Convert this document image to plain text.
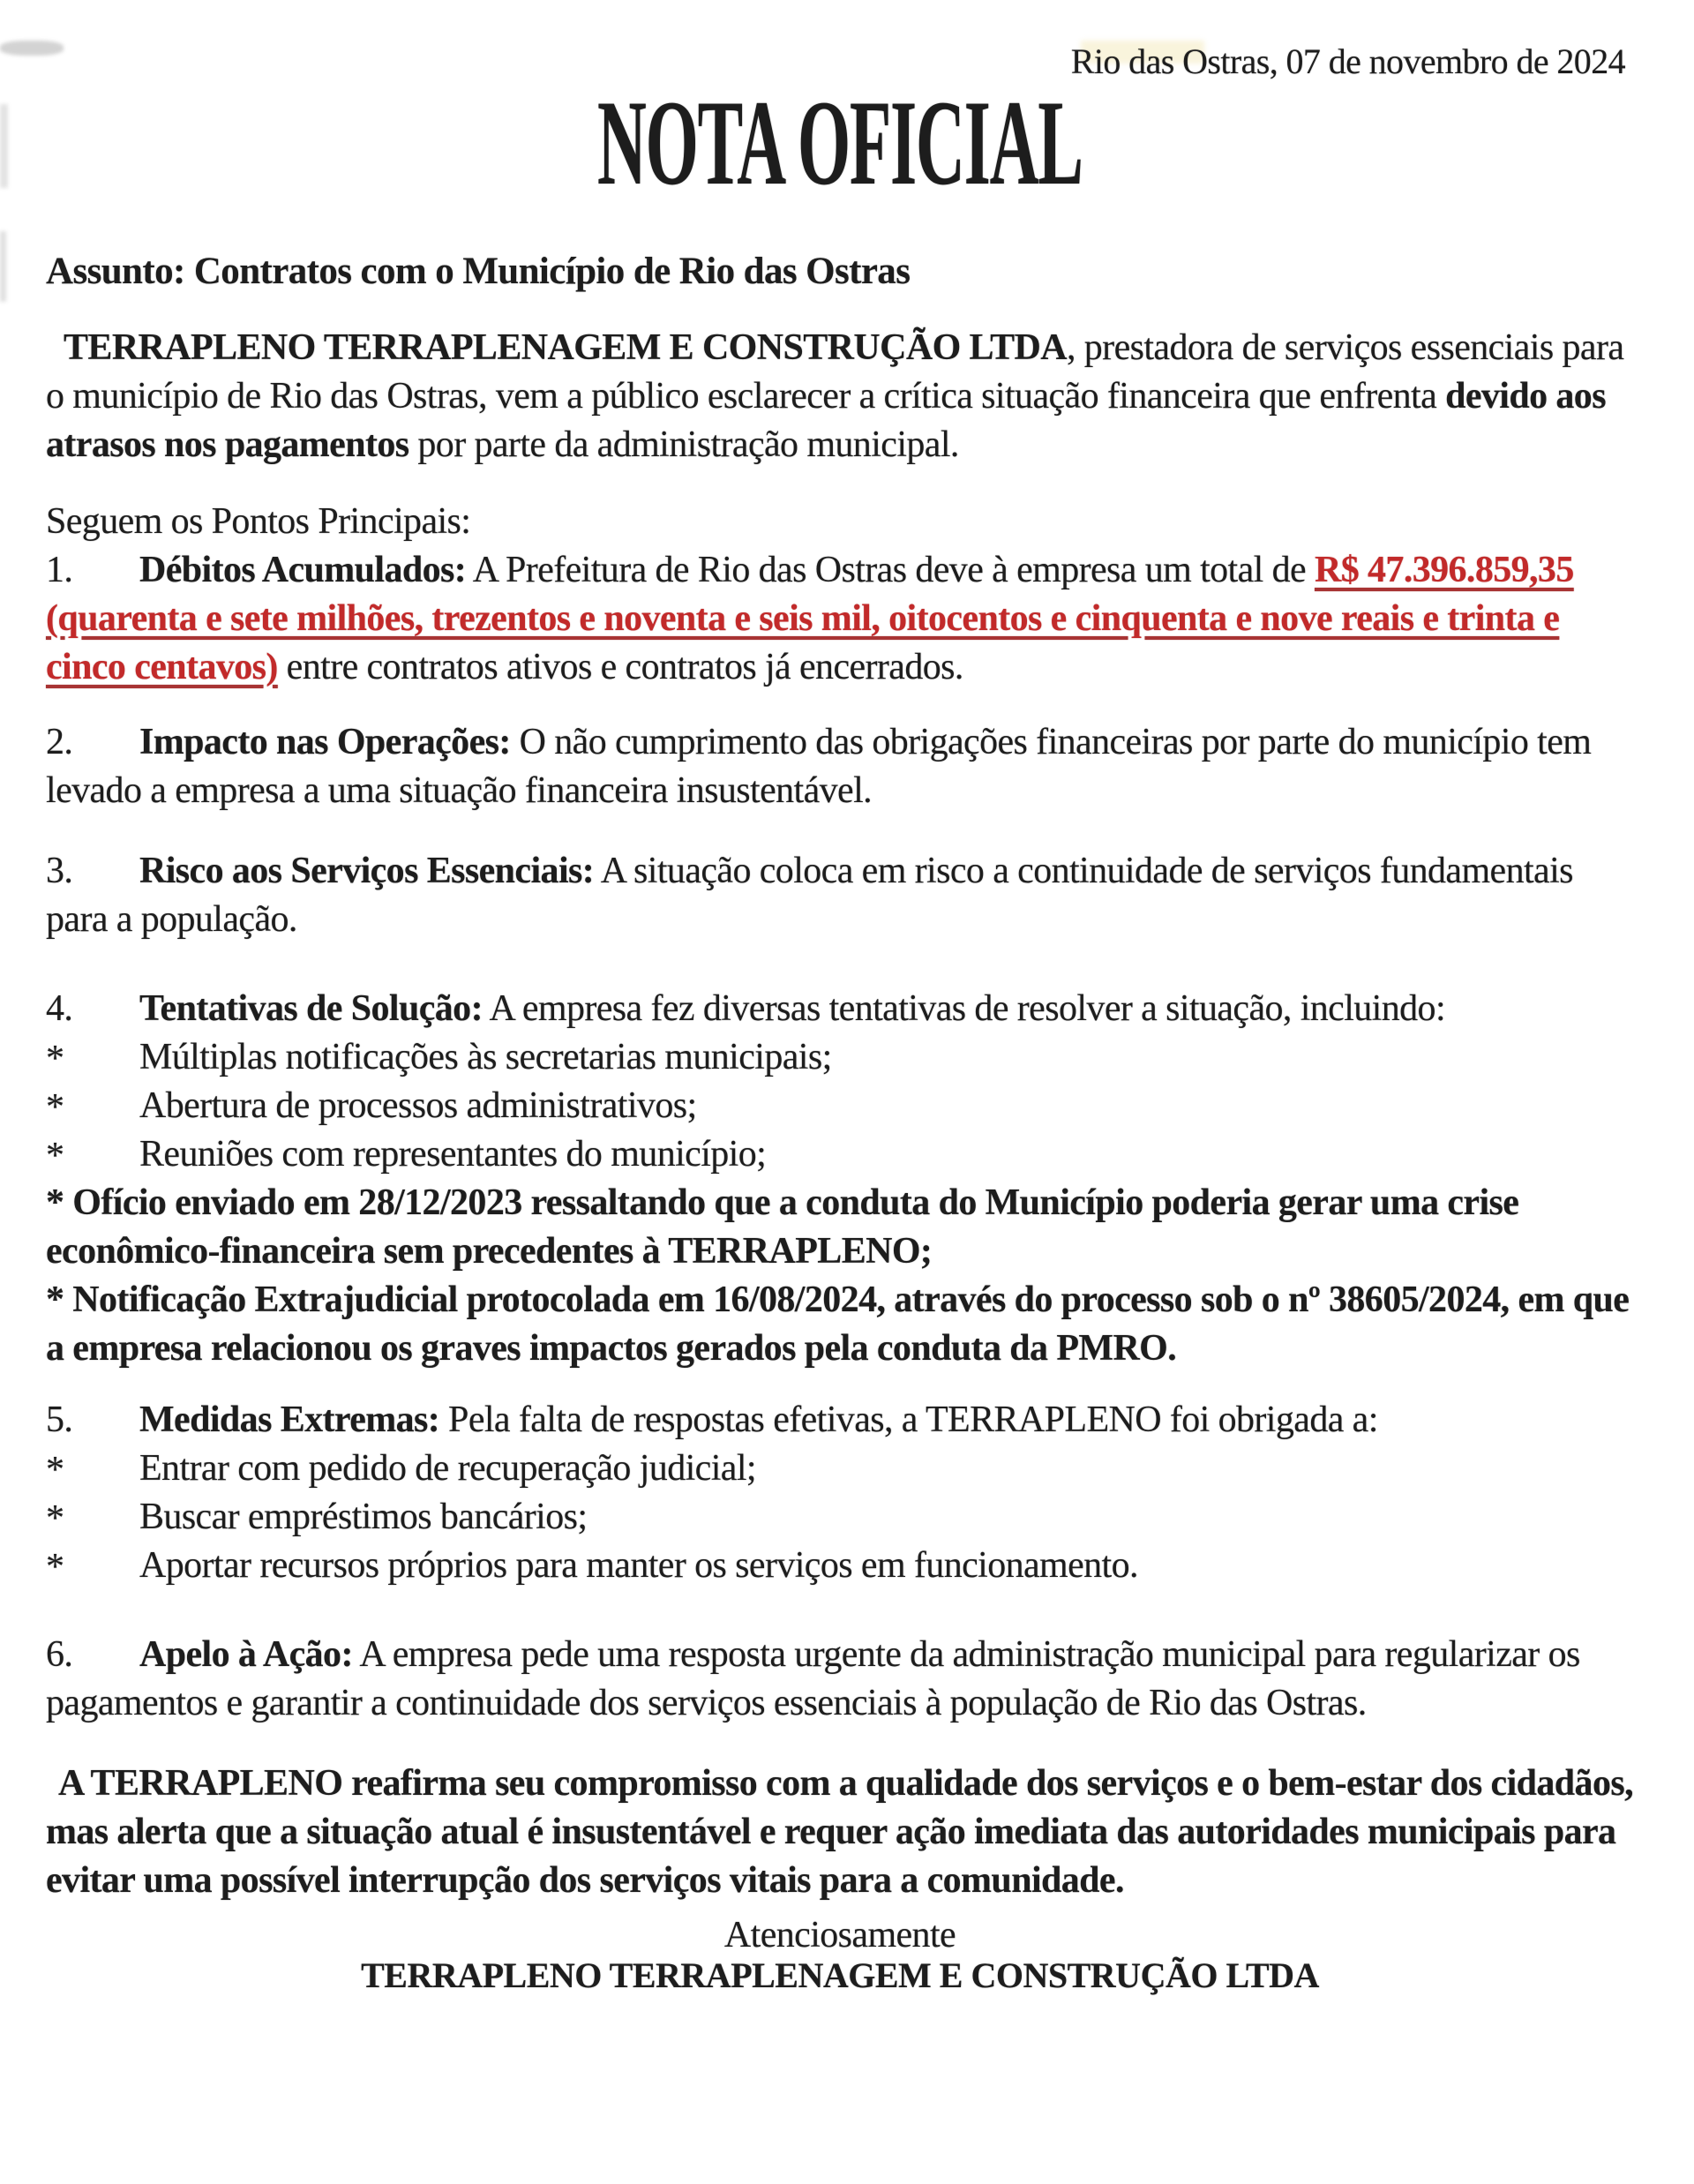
Rio das Ostras, 07 de novembro de 2024
NOTA OFICIAL
Assunto: Contratos com o Município de Rio das Ostras

TERRAPLENO TERRAPLENAGEM E CONSTRUÇÃO LTDA, prestadora de serviços essenciais para o município de Rio das Ostras, vem a público esclarecer a crítica situação financeira que enfrenta devido aos atrasos nos pagamentos por parte da administração municipal.

Seguem os Pontos Principais:
1. Débitos Acumulados: A Prefeitura de Rio das Ostras deve à empresa um total de R$ 47.396.859,35 (quarenta e sete milhões, trezentos e noventa e seis mil, oitocentos e cinquenta e nove reais e trinta e cinco centavos) entre contratos ativos e contratos já encerrados.
2. Impacto nas Operações: O não cumprimento das obrigações financeiras por parte do município tem levado a empresa a uma situação financeira insustentável.
3. Risco aos Serviços Essenciais: A situação coloca em risco a continuidade de serviços fundamentais para a população.
4. Tentativas de Solução: A empresa fez diversas tentativas de resolver a situação, incluindo:
* Múltiplas notificações às secretarias municipais;
* Abertura de processos administrativos;
* Reuniões com representantes do município;
* Ofício enviado em 28/12/2023 ressaltando que a conduta do Município poderia gerar uma crise econômico-financeira sem precedentes à TERRAPLENO;
* Notificação Extrajudicial protocolada em 16/08/2024, através do processo sob o nº 38605/2024, em que a empresa relacionou os graves impactos gerados pela conduta da PMRO.
5. Medidas Extremas: Pela falta de respostas efetivas, a TERRAPLENO foi obrigada a:
* Entrar com pedido de recuperação judicial;
* Buscar empréstimos bancários;
* Aportar recursos próprios para manter os serviços em funcionamento.
6. Apelo à Ação: A empresa pede uma resposta urgente da administração municipal para regularizar os pagamentos e garantir a continuidade dos serviços essenciais à população de Rio das Ostras.

A TERRAPLENO reafirma seu compromisso com a qualidade dos serviços e o bem-estar dos cidadãos, mas alerta que a situação atual é insustentável e requer ação imediata das autoridades municipais para evitar uma possível interrupção dos serviços vitais para a comunidade.

Atenciosamente
TERRAPLENO TERRAPLENAGEM E CONSTRUÇÃO LTDA
